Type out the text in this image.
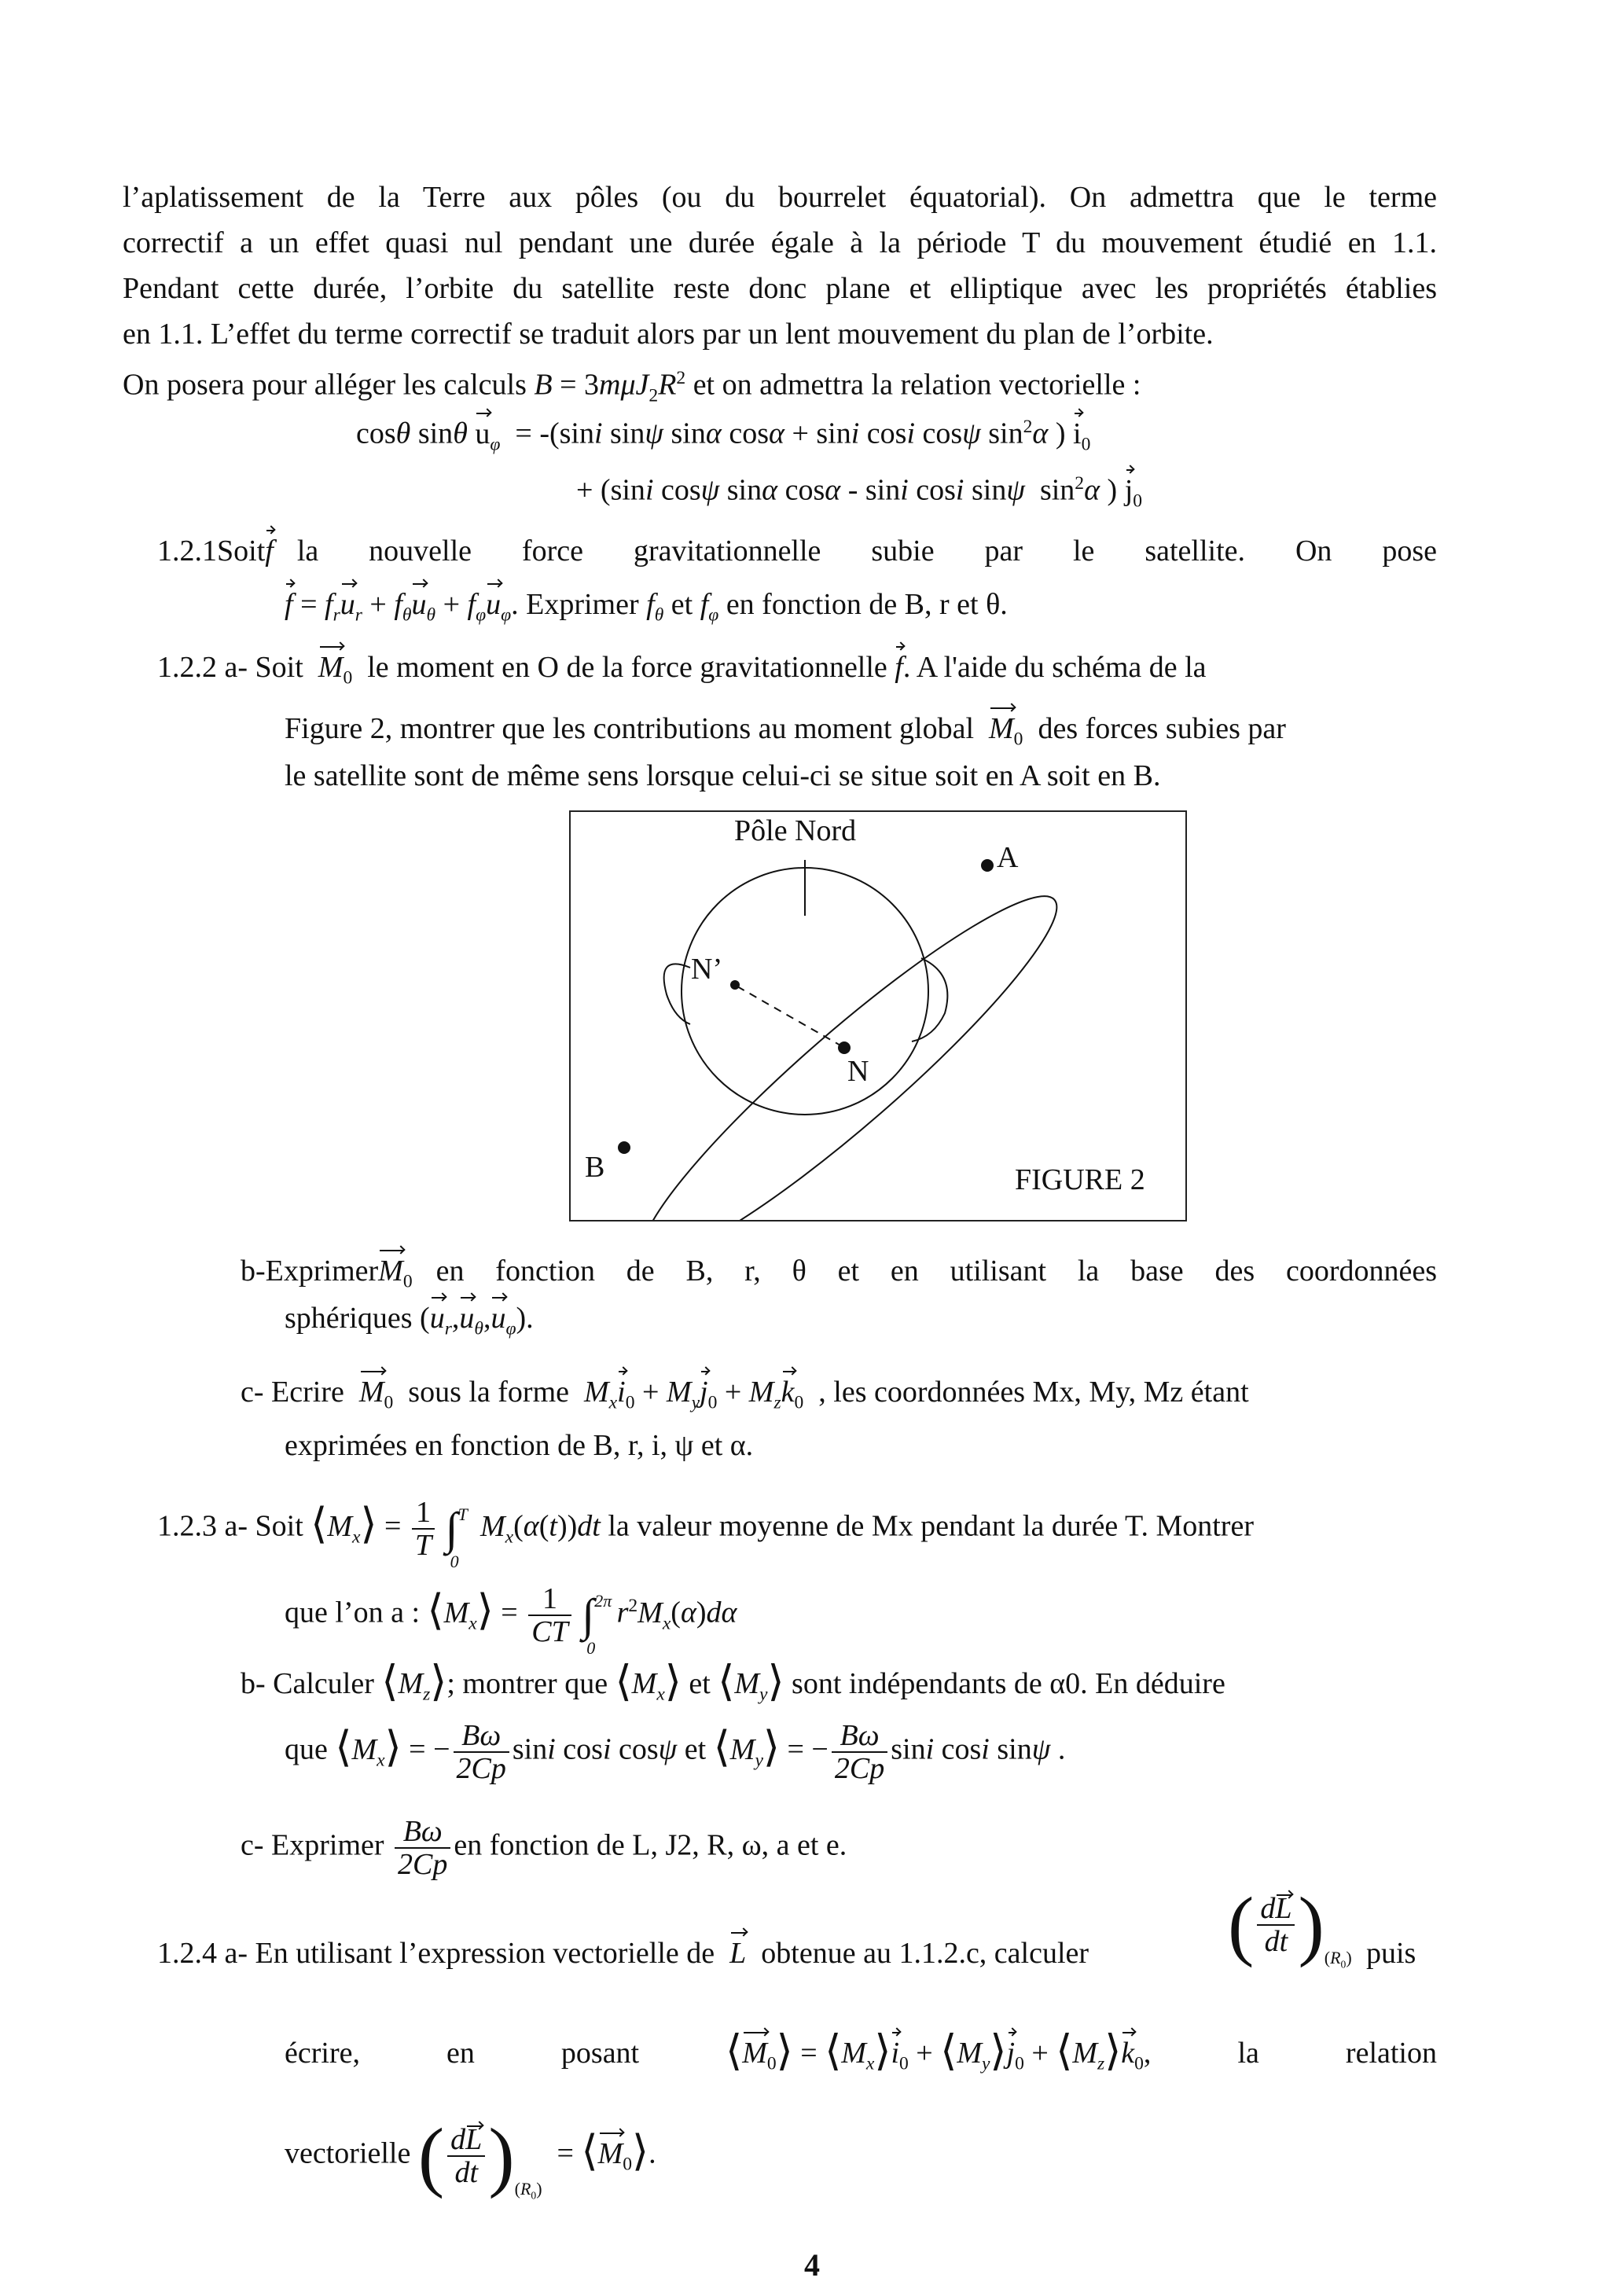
l’aplatissement de la Terre aux pôles (ou du bourrelet équatorial). On admettra que le terme
correctif a un effet quasi nul pendant une durée égale à la période T du mouvement étudié en 1.1.
Pendant cette durée, l’orbite du satellite reste donc plane et elliptique avec les propriétés établies
en 1.1. L’effet du terme correctif se traduit alors par un lent mouvement du plan de l’orbite.
On posera pour alléger les calculs $B = 3m\mu J_2R^2$ et on admettra la relation vectorielle :
cosθ sinθ $u_\varphi = -(\sin i$ sinψ sinα cosα + sini cosi cosψ $\sin^2\alpha$ ) $i_0$
+ (sini cosψ sinα cosα - sini cosi sinψ  $\sin^2\alpha$ ) $j_0$
1.2.1 Soit f la nouvelle force gravitationnelle subie par le satellite. On pose
$f = f_ru_r + f_\theta u_\theta + f_\varphi u_\varphi$. Exprimer $f_\theta$ et $f_\varphi$ en fonction de B, r et θ.
1.2.2 a- Soit $M_0$ le moment en O de la force gravitationnelle f. A l'aide du schéma de la
Figure 2, montrer que les contributions au moment global $M_0$ des forces subies par
le satellite sont de même sens lorsque celui-ci se situe soit en A soit en B.
Pôle Nord
A
N’
N
B	FIGURE 2
b- Exprimer $M_0$ en fonction de B, r, θ et en utilisant la base des coordonnées
sphériques $(u_r,u_\theta,u_\varphi)$.
c- Ecrire $M_0$ sous la forme $M_xi_0 + M_yj_0 + M_zk_0$ , les coordonnées Mx, My, Mz étant
exprimées en fonction de B, r, i, ψ et α.
1.2.3 a- Soit $⟨M_x⟩ = \frac{1}{T}$ ∫ T
0
$M_x(\alpha(t))dt$ la valeur moyenne de Mx pendant la durée T. Montrer
que l’on a : $⟨M_x⟩ = \frac{1}{CT}$ ∫ 2π
0
$r^2M_x(\alpha)d\alpha$
b- Calculer $⟨M_z⟩$; montrer que $⟨M_x⟩$ et $⟨M_y⟩$ sont indépendants de α0. En déduire
que $⟨M_x⟩$ = − $\frac{B\omega}{2Cp}$ sini cosi cosψ et $⟨M_y⟩$ = − $\frac{B\omega}{2Cp}$ sini cosi sinψ .
c- Exprimer $\frac{B\omega}{2Cp}$ en fonction de L, J2, R, ω, a et e.
1.2.4 a- En utilisant l’expression vectorielle de L obtenue au 1.1.2.c, calculer ( $\frac{dL}{dt} )_{(R_0)}$ puis
écrire,	en	posant $⟨M_0⟩$ = $⟨M_x⟩i_0$ + $⟨M_y⟩j_0$ + $⟨M_z⟩k_0$,	la	relation
vectorielle ( $\frac{dL}{dt} )_{(R_0)}$  = $⟨M_0⟩$.
4
